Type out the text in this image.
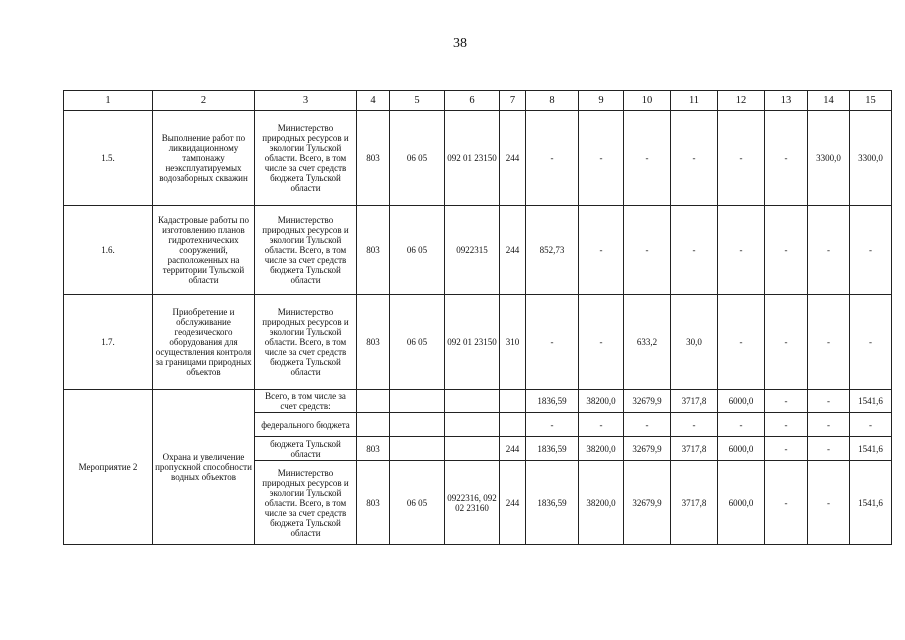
38
1	2	3	4	5	6	7	8	9	10	11	12	13	14	15
1.5.	Выполнение работ по ликвидационному тампонажу неэксплуатируемых водозаборных скважин	Министерство природных ресурсов и экологии Тульской области. Всего, в том числе за счет средств бюджета Тульской области	803	06 05	092 01 23150	244	-	-	-	-	-	-	3300,0	3300,0
1.6.	Кадастровые работы по изготовлению планов гидротехнических сооружений, расположенных на территории Тульской области	Министерство природных ресурсов и экологии Тульской области. Всего, в том числе за счет средств бюджета Тульской области	803	06 05	0922315	244	852,73	-	-	-	-	-	-	-
1.7.	Приобретение и обслуживание геодезического оборудования для осуществления контроля за границами природных объектов	Министерство природных ресурсов и экологии Тульской области. Всего, в том числе за счет средств бюджета Тульской области	803	06 05	092 01 23150	310	-	-	633,2	30,0	-	-	-	-
Мероприятие 2	Охрана и увеличение пропускной способности водных объектов	Всего, в том числе за счет средств:					1836,59	38200,0	32679,9	3717,8	6000,0	-	-	1541,6
		федерального бюджета					-	-	-	-	-	-	-	-
		бюджета Тульской области	803			244	1836,59	38200,0	32679,9	3717,8	6000,0	-	-	1541,6
		Министерство природных ресурсов и экологии Тульской области. Всего, в том числе за счет средств бюджета Тульской области	803	06 05	0922316, 092 02 23160	244	1836,59	38200,0	32679,9	3717,8	6000,0	-	-	1541,6
